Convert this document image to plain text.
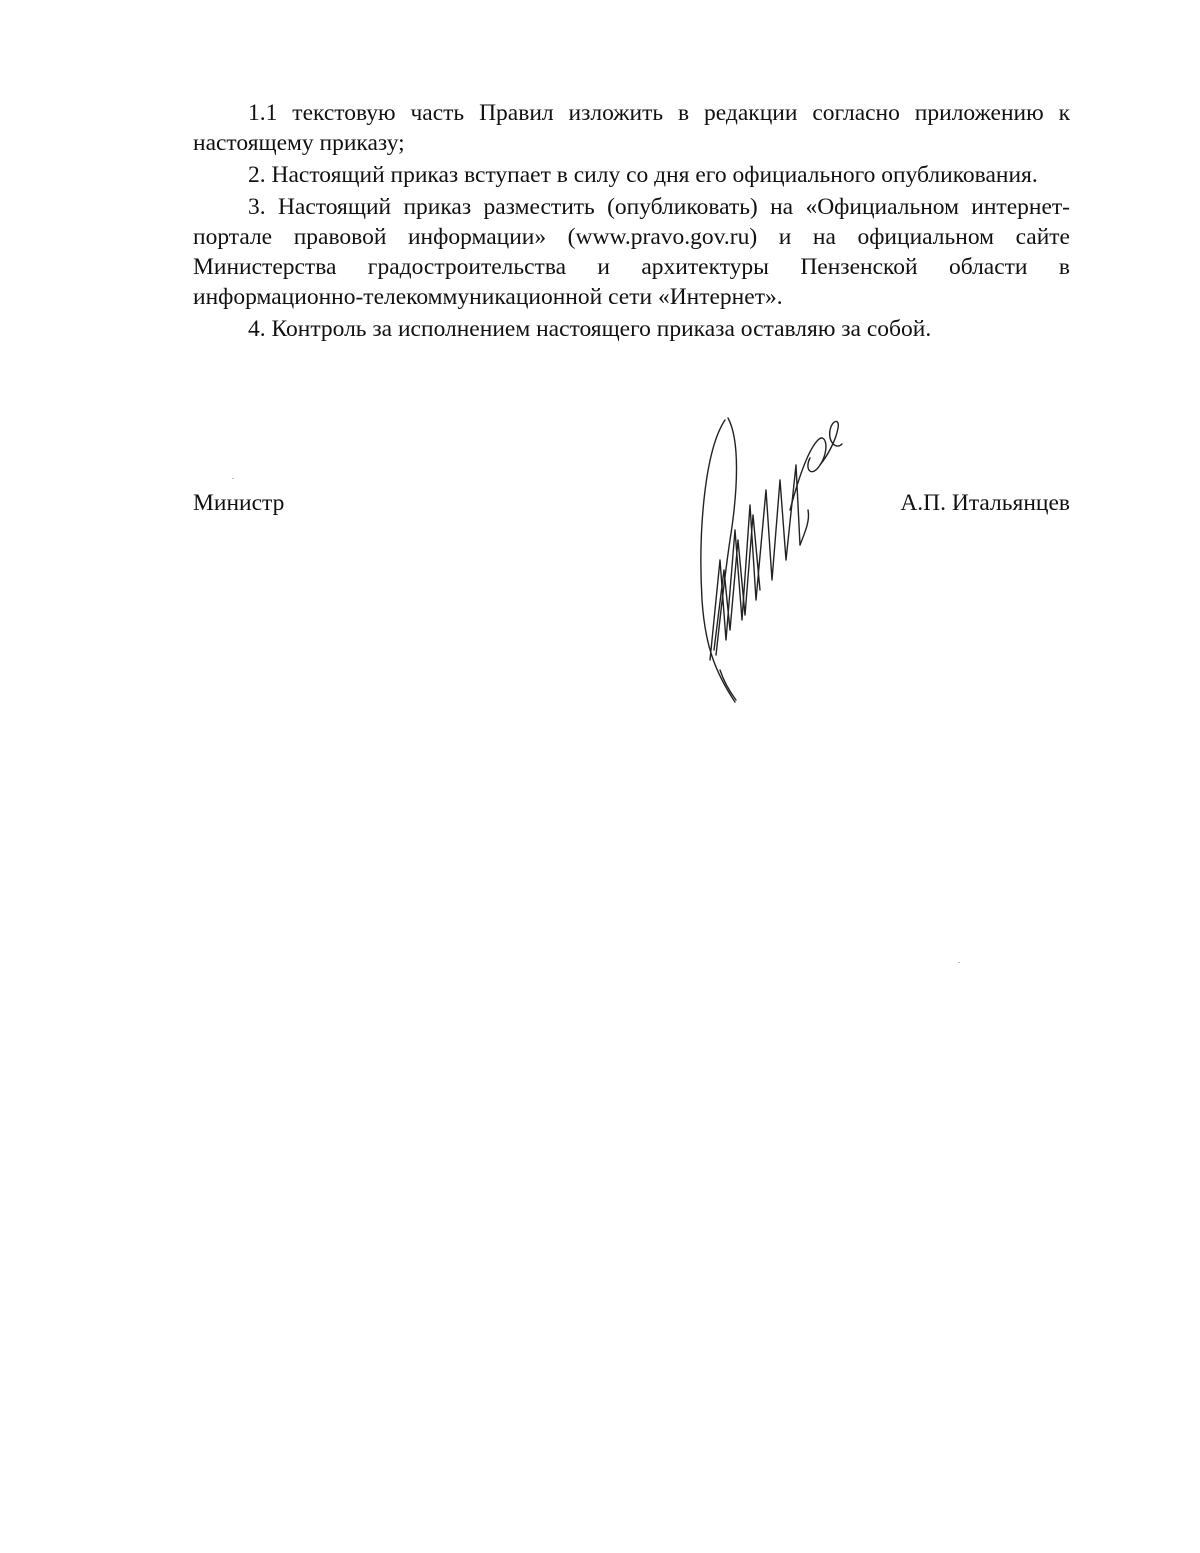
1.1 текстовую часть Правил изложить в редакции согласно приложению к настоящему приказу;

2. Настоящий приказ вступает в силу со дня его официального опубликования.

3. Настоящий приказ разместить (опубликовать) на «Официальном интернет-портале правовой информации» (www.pravo.gov.ru) и на официальном сайте Министерства градостроительства и архитектуры Пензенской области в информационно-телекоммуникационной сети «Интернет».

4. Контроль за исполнением настоящего приказа оставляю за собой.

Министр	А.П. Итальянцев
